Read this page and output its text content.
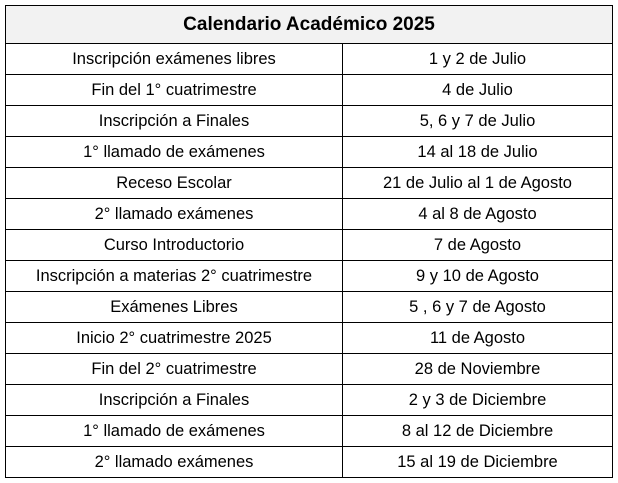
Calendario Académico 2025	
Inscripción exámenes libres	1 y 2 de Julio
Fin del 1° cuatrimestre	4 de Julio
Inscripción a Finales	5, 6 y 7 de Julio
1° llamado de exámenes	14 al 18 de Julio
Receso Escolar	21 de Julio al 1 de Agosto
2° llamado exámenes	4 al 8 de Agosto
Curso Introductorio	7 de Agosto
Inscripción a materias 2° cuatrimestre	9 y 10 de Agosto
Exámenes Libres	5 , 6 y 7 de Agosto
Inicio 2° cuatrimestre 2025	11 de Agosto
Fin del 2° cuatrimestre	28 de Noviembre
Inscripción a Finales	2 y 3 de Diciembre
1° llamado de exámenes	8 al 12 de Diciembre
2° llamado exámenes	15 al 19 de Diciembre
